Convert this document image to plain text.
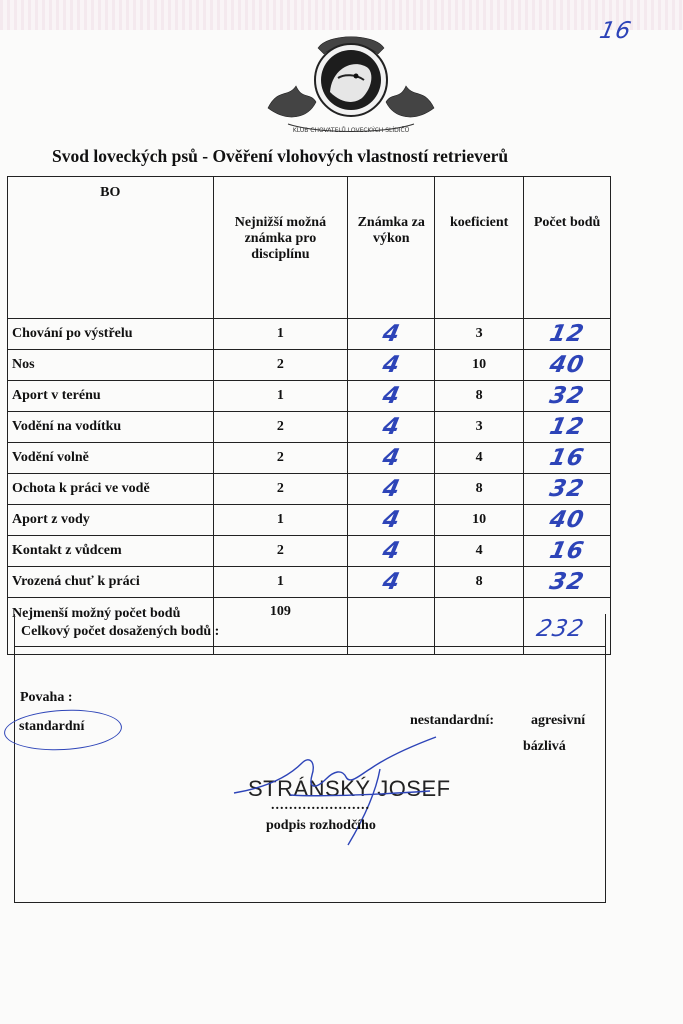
16
KLUB CHOVATELŮ LOVECKÝCH SLÍDIČŮ
Svod loveckých psů - Ověření vlohových vlastností retrieverů
BO	Nejnižší možná známka pro disciplínu	Známka za výkon	koeficient	Počet bodů
Chování po výstřelu	1	4	3	12
Nos	2	4	10	40
Aport v terénu	1	4	8	32
Vodění na vodítku	2	4	3	12
Vodění volně	2	4	4	16
Ochota k práci ve vodě	2	4	8	32
Aport z vody	1	4	10	40
Kontakt z vůdcem	2	4	4	16
Vrozená chuť k práci	1	4	8	32
Nejmenší možný počet bodů	109			
Celkový počet dosažených bodů :	232
Povaha :
standardní	nestandardní:	agresivní
bázlivá
STRÁNSKÝ JOSEF
......................
podpis rozhodčího
